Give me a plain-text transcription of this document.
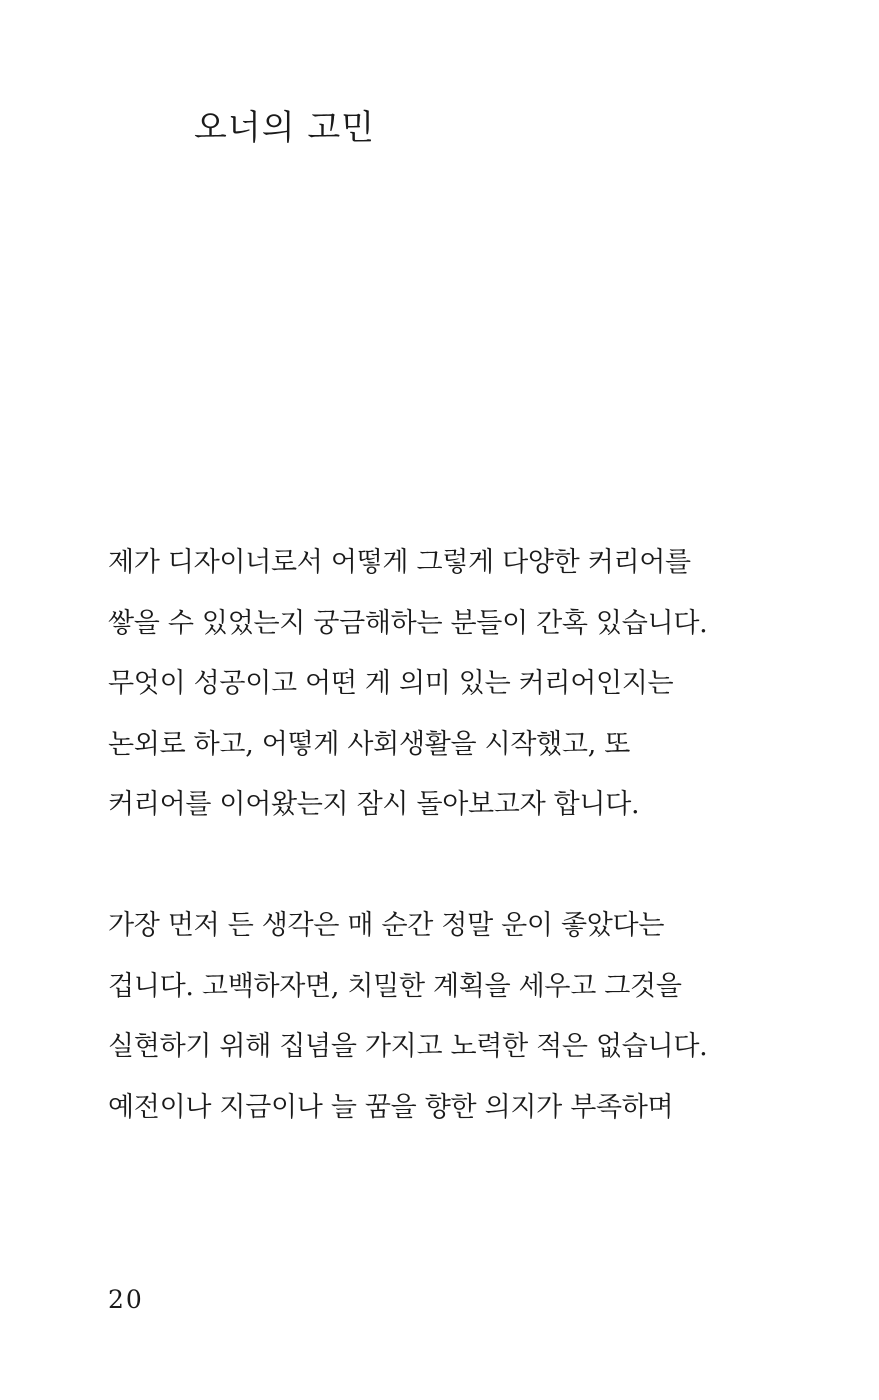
오너의 고민

제가 디자이너로서 어떻게 그렇게 다양한 커리어를
쌓을 수 있었는지 궁금해하는 분들이 간혹 있습니다.
무엇이 성공이고 어떤 게 의미 있는 커리어인지는
논외로 하고, 어떻게 사회생활을 시작했고, 또
커리어를 이어왔는지 잠시 돌아보고자 합니다.

가장 먼저 든 생각은 매 순간 정말 운이 좋았다는
겁니다. 고백하자면, 치밀한 계획을 세우고 그것을
실현하기 위해 집념을 가지고 노력한 적은 없습니다.
예전이나 지금이나 늘 꿈을 향한 의지가 부족하며

20
